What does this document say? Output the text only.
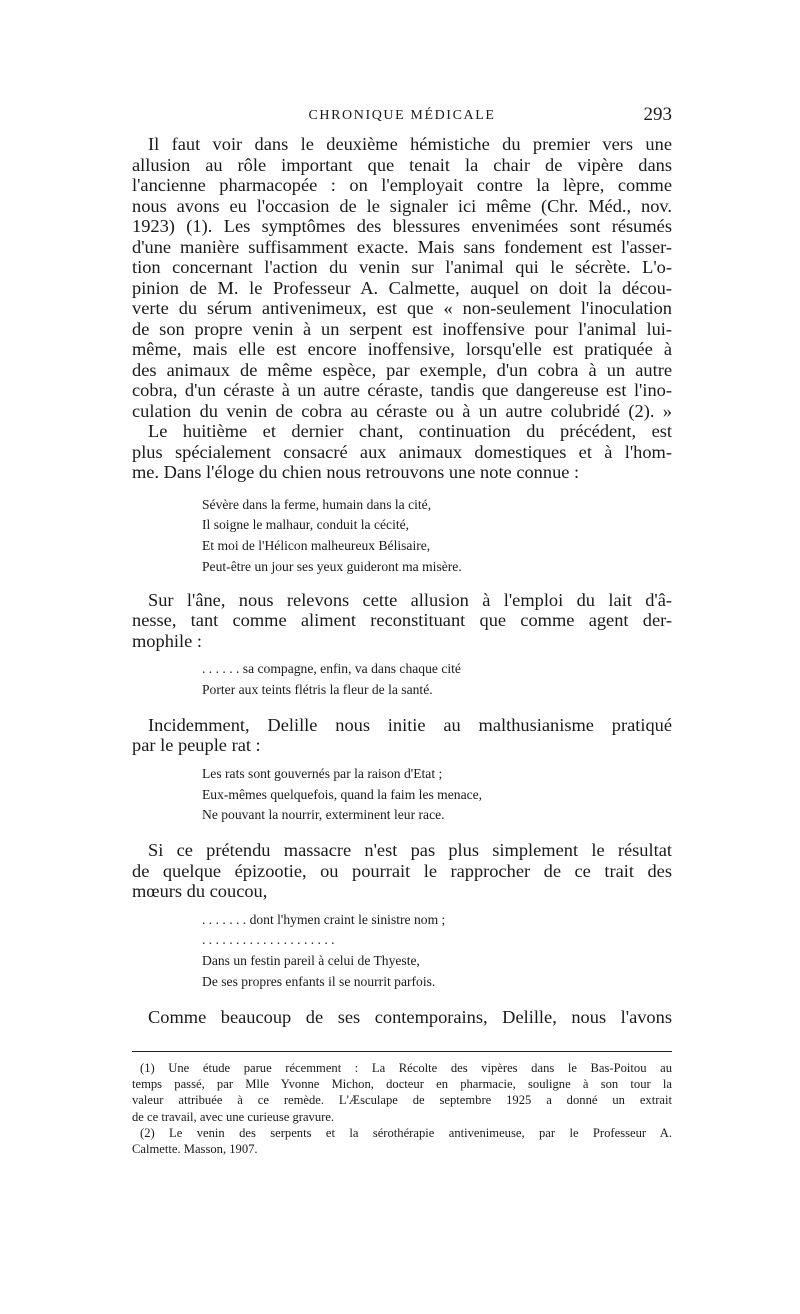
CHRONIQUE MÉDICALE	293

Il faut voir dans le deuxième hémistiche du premier vers une
allusion au rôle important que tenait la chair de vipère dans
l'ancienne pharmacopée : on l'employait contre la lèpre, comme
nous avons eu l'occasion de le signaler ici même (Chr. Méd., nov.
1923) (1). Les symptômes des blessures envenimées sont résumés
d'une manière suffisamment exacte. Mais sans fondement est l'asser-
tion concernant l'action du venin sur l'animal qui le sécrète. L'o-
pinion de M. le Professeur A. Calmette, auquel on doit la décou-
verte du sérum antivenimeux, est que « non-seulement l'inoculation
de son propre venin à un serpent est inoffensive pour l'animal lui-
même, mais elle est encore inoffensive, lorsqu'elle est pratiquée à
des animaux de même espèce, par exemple, d'un cobra à un autre
cobra, d'un céraste à un autre céraste, tandis que dangereuse est l'ino-
culation du venin de cobra au céraste ou à un autre colubridé (2). »

Le huitième et dernier chant, continuation du précédent, est
plus spécialement consacré aux animaux domestiques et à l'hom-
me. Dans l'éloge du chien nous retrouvons une note connue :

Sévère dans la ferme, humain dans la cité,
Il soigne le malhaur, conduit la cécité,
Et moi de l'Hélicon malheureux Bélisaire,
Peut-être un jour ses yeux guideront ma misère.

Sur l'âne, nous relevons cette allusion à l'emploi du lait d'â-
nesse, tant comme aliment reconstituant que comme agent der-
mophile :

. . . . . . sa compagne, enfin, va dans chaque cité
Porter aux teints flétris la fleur de la santé.

Incidemment, Delille nous initie au malthusianisme pratiqué
par le peuple rat :

Les rats sont gouvernés par la raison d'Etat ;
Eux-mêmes quelquefois, quand la faim les menace,
Ne pouvant la nourrir, exterminent leur race.

Si ce prétendu massacre n'est pas plus simplement le résultat
de quelque épizootie, ou pourrait le rapprocher de ce trait des
mœurs du coucou,

. . . . . . . dont l'hymen craint le sinistre nom ;
. . . . . . . . . . . . . . . . . . . .
Dans un festin pareil à celui de Thyeste,
De ses propres enfants il se nourrit parfois.

Comme beaucoup de ses contemporains, Delille, nous l'avons

(1) Une étude parue récemment : La Récolte des vipères dans le Bas-Poitou au
temps passé, par Mlle Yvonne Michon, docteur en pharmacie, souligne à son tour la
valeur attribuée à ce remède. L'Æsculape de septembre 1925 a donné un extrait
de ce travail, avec une curieuse gravure.
(2) Le venin des serpents et la sérothérapie antivenimeuse, par le Professeur A.
Calmette. Masson, 1907.
